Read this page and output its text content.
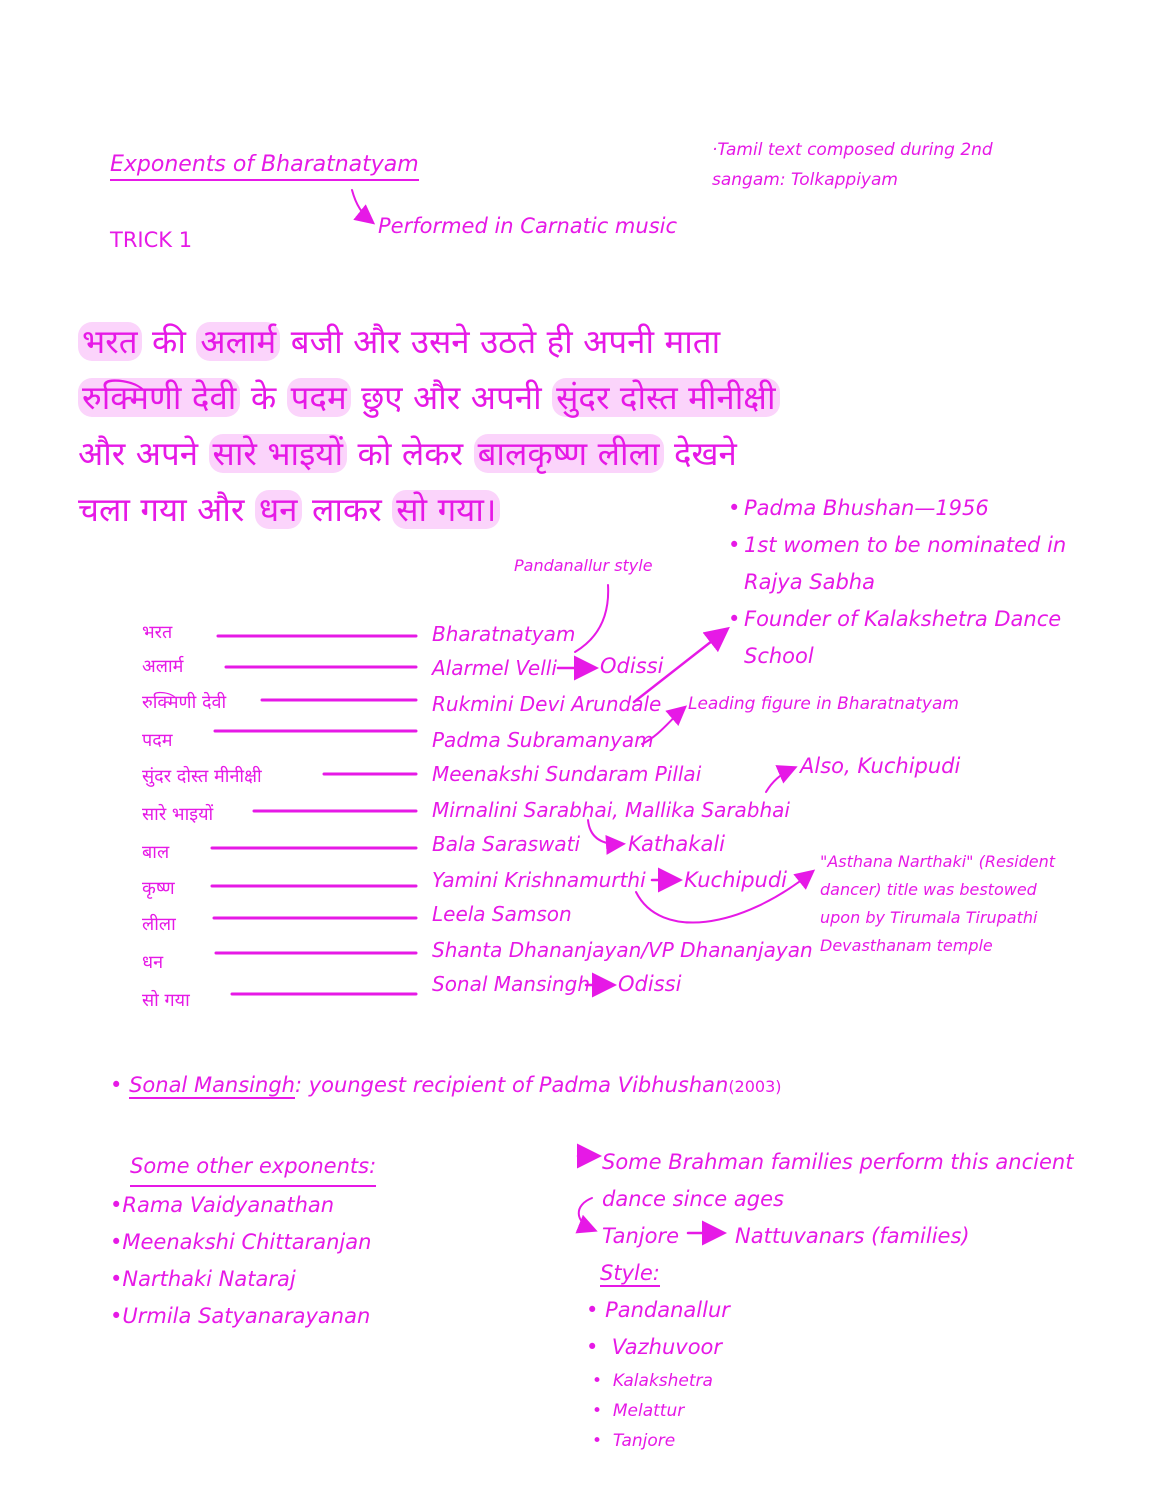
Exponents of Bharatnatyam
TRICK 1
Performed in Carnatic music
·Tamil text composed during 2nd sangam: Tolkappiyam
भरत की अलार्म बजी और उसने उठते ही अपनी माता
रुक्मिणी देवी के पदम छुए और अपनी सुंदर दोस्त मीनीक्षी
और अपने सारे भाइयों को लेकर बालकृष्ण लीला देखने
चला गया और धन लाकर सो गया।
भरत
अलार्म
रुक्मिणी देवी
पदम
सुंदर दोस्त मीनीक्षी
सारे भाइयों
बाल
कृष्ण
लीला
धन
सो गया
Bharatnatyam
Alarmel Velli Odissi
Rukmini Devi Arundale
Padma Subramanyam
Meenakshi Sundaram Pillai
Mirnalini Sarabhai, Mallika Sarabhai
Bala Saraswati Kathakali
Yamini Krishnamurthi Kuchipudi
Leela Samson
Shanta Dhananjayan/VP Dhananjayan
Sonal Mansingh Odissi
Pandanallur style
Leading figure in Bharatnatyam
Also, Kuchipudi
"Asthana Narthaki" (Resident dancer) title was bestowed upon by Tirumala Tirupathi Devasthanam temple
• Padma Bhushan—1956
• 1st women to be nominated in Rajya Sabha
• Founder of Kalakshetra Dance School
• Sonal Mansingh: youngest recipient of Padma Vibhushan(2003)
Some other exponents:
•Rama Vaidyanathan
•Meenakshi Chittaranjan
•Narthaki Nataraj
•Urmila Satyanarayanan
Some Brahman families perform this ancient
dance since ages
Tanjore	Nattuvanars (families)
Style:
• Pandanallur
•  Vazhuvoor
•  Kalakshetra
•  Melattur
•  Tanjore
